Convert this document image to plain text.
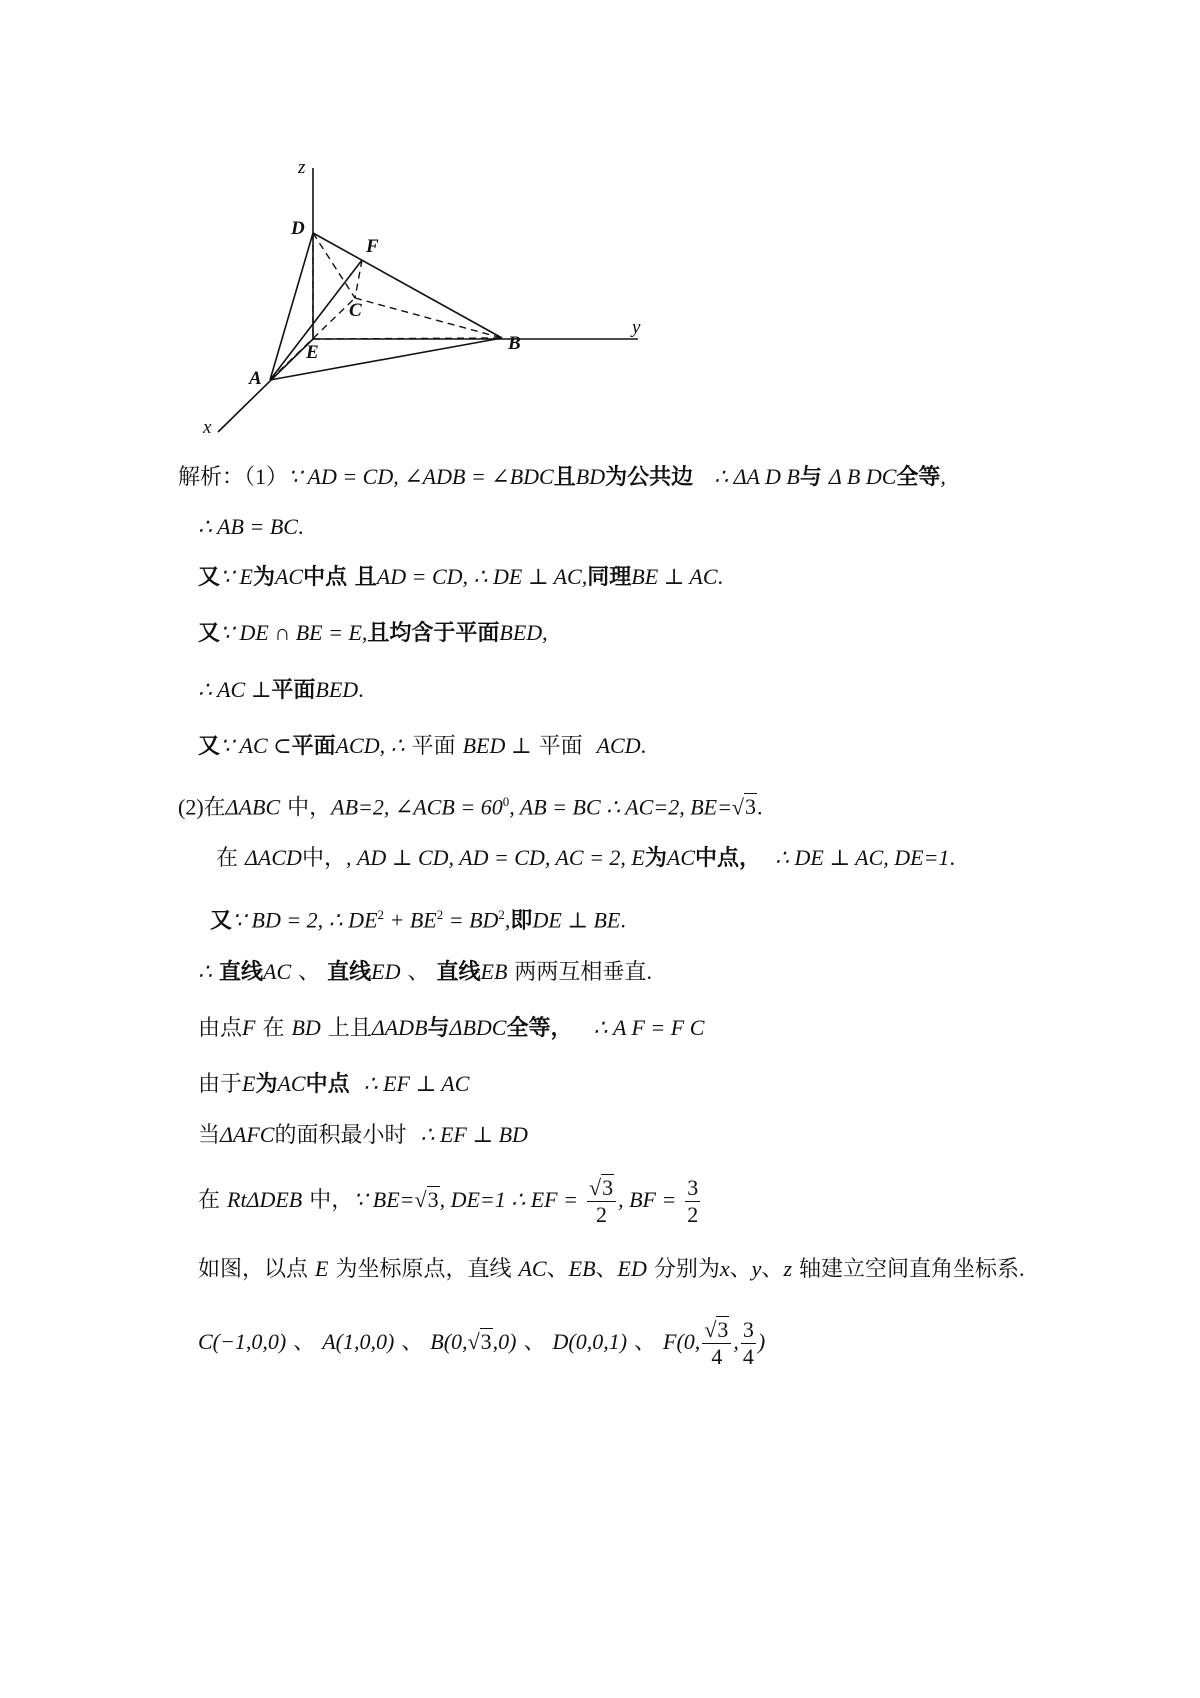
z
y
x
D
F
C
E	B
A
解析：（1）∵ AD = CD, ∠ADB = ∠BDC且BD为公共边 ∴ ΔA D B与 Δ B DC全等,
∴ AB = BC.
又∵ E为AC中点 且AD = CD, ∴ DE ⊥ AC,同理BE ⊥ AC.
又∵ DE ∩ BE = E,且均含于平面BED,
∴ AC ⊥平面BED.
又∵ AC ⊂平面ACD, ∴ 平面 BED ⊥ 平面 ACD.
(2)在ΔABC 中，AB=2, ∠ACB = $60^0$, AB = BC ∴ AC=2, BE=√3.
在 ΔACD中，, AD ⊥ CD, AD = CD, AC = 2, E为AC中点， ∴ DE ⊥ AC, DE=1.
又∵ BD = 2, ∴ $DE^2 + BE^2 = BD^2$,即DE ⊥ BE.
∴ 直线AC 、 直线ED 、 直线EB 两两互相垂直.
由点F 在 BD 上且ΔADB与ΔBDC全等， ∴ A F = F C
由于E为AC中点 ∴ EF ⊥ AC
当ΔAFC的面积最小时 ∴ EF ⊥ BD
在 RtΔDEB 中，∵ BE=√3, DE=1 ∴ EF = $\frac{√3}{2}$ , BF = $\frac{3}{2}$
如图，以点 E 为坐标原点，直线 AC、EB、ED 分别为x、y、z 轴建立空间直角坐标系.
C(−1,0,0) 、 A(1,0,0) 、 B(0,√3,0) 、 D(0,0,1) 、 F(0, $\frac{√3}{4}$ , $\frac{3}{4}$ )
